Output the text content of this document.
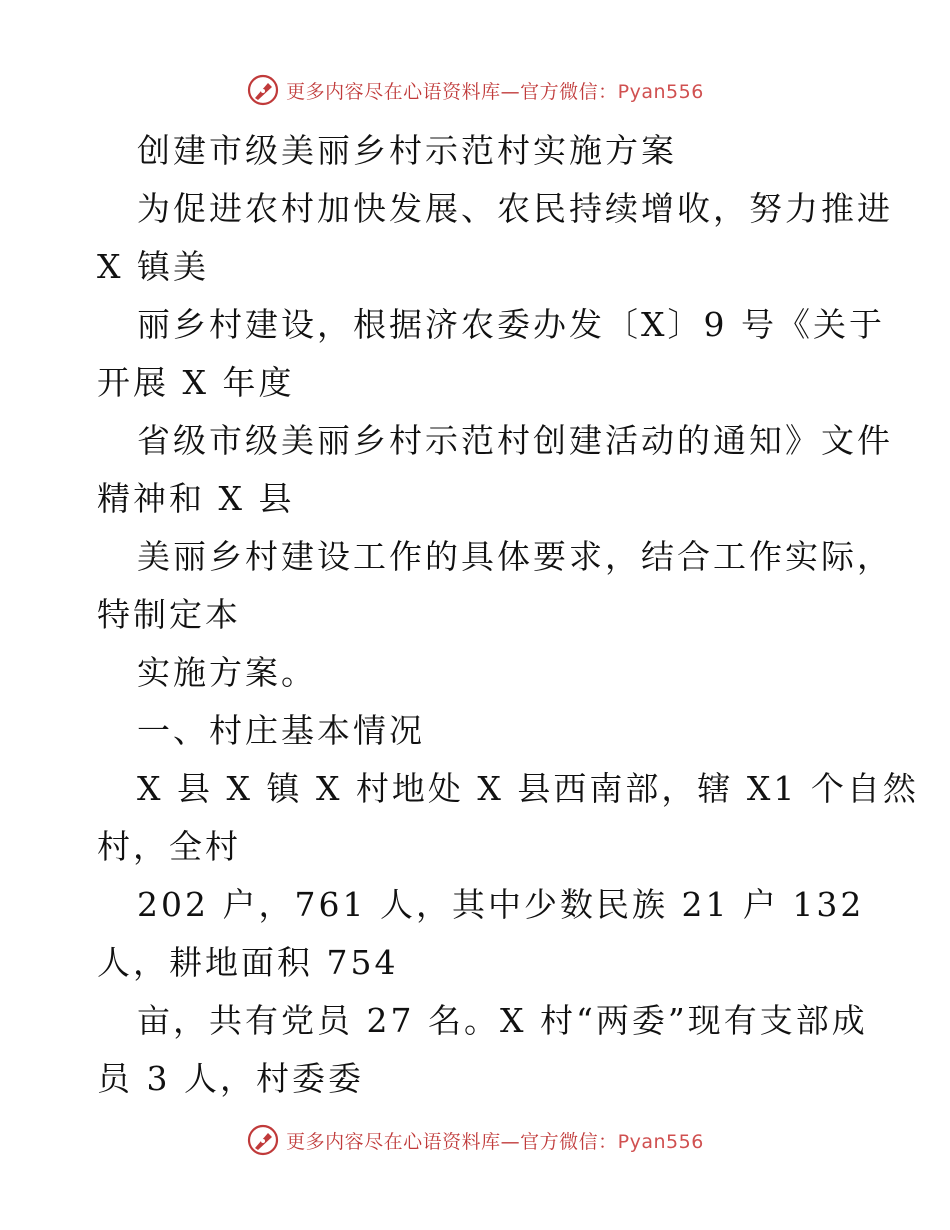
更多内容尽在心语资料库—官方微信：Pyan556
创建市级美丽乡村示范村实施方案
为促进农村加快发展、农民持续增收，努力推进
X 镇美
丽乡村建设，根据济农委办发〔X〕9 号《关于
开展 X 年度
省级市级美丽乡村示范村创建活动的通知》文件
精神和 X 县
美丽乡村建设工作的具体要求，结合工作实际，
特制定本
实施方案。
一、村庄基本情况
X 县 X 镇 X 村地处 X 县西南部，辖 X1 个自然
村，全村
202 户，761 人，其中少数民族 21 户 132
人，耕地面积 754
亩，共有党员 27 名。X 村“两委”现有支部成
员 3 人，村委委
更多内容尽在心语资料库—官方微信：Pyan556
